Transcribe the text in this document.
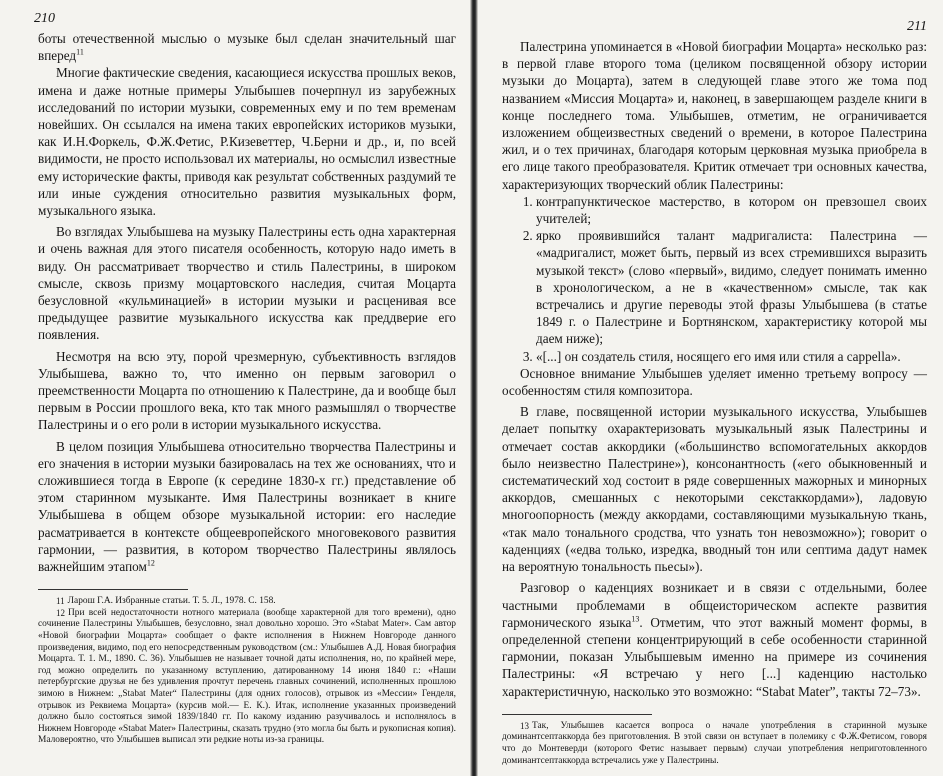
210

боты отечественной мыслью о музыке был сделан значительный шаг вперед$^{11}$

Многие фактические сведения, касающиеся искусства прошлых веков, имена и даже нотные примеры Улыбышев почерпнул из зарубежных исследований по истории музыки, современных ему и по тем временам новейших. Он ссылался на имена таких европейских историков музыки, как И.Н.Форкель, Ф.Ж.Фетис, Р.Кизеветтер, Ч.Берни и др., и, по всей видимости, не просто использовал их материалы, но осмыслил известные ему исторические факты, приводя как результат собственных раздумий те или иные суждения относительно развития музыкальных форм, музыкального языка.

Во взглядах Улыбышева на музыку Палестрины есть одна характерная и очень важная для этого писателя особенность, которую надо иметь в виду. Он рассматривает творчество и стиль Палестрины, в широком смысле, сквозь призму моцартовского наследия, считая Моцарта безусловной «кульминацией» в истории музыки и расценивая все предыдущее развитие музыкального искусства как преддверие его появления.

Несмотря на всю эту, порой чрезмерную, субъективность взглядов Улыбышева, важно то, что именно он первым заговорил о преемственности Моцарта по отношению к Палестрине, да и вообще был первым в России прошлого века, кто так много размышлял о творчестве Палестрины и о его роли в истории музыкального искусства.

В целом позиция Улыбышева относительно творчества Палестрины и его значения в истории музыки базировалась на тех же основаниях, что и сложившиеся тогда в Европе (к середине 1830-х гг.) представление об этом старинном музыканте. Имя Палестрины возникает в книге Улыбышева в общем обзоре музыкальной истории: его наследие расматривается в контексте общеевропейского многовекового развития гармонии, — развития, в котором творчество Палестрины являлось важнейшим этапом$^{12}$

11 Ларош Г.А. Избранные статьи. Т. 5. Л., 1978. С. 158.

12 При всей недостаточности нотного материала (вообще характерной для того времени), одно сочинение Палестрины Улыбышев, безусловно, знал довольно хорошо. Это «Stabat Mater». Сам автор «Новой биографии Моцарта» сообщает о факте исполнения в Нижнем Новгороде данного произведения, видимо, под его непосредственным руководством (см.: Улыбышев А.Д. Новая биография Моцарта. Т. 1. М., 1890. С. 36). Улыбышев не называет точной даты исполнения, но, по крайней мере, год можно определить по указанному вступлению, датированному 14 июня 1840 г.: «Наши петербургские друзья не без удивления прочтут перечень главных сочинений, исполненных прошлою зимою в Нижнем: „Stabat Mater“ Палестрины (для одних голосов), отрывок из «Мессии» Генделя, отрывок из Реквиема Моцарта» (курсив мой.— Е. К.). Итак, исполнение указанных произведений должно было состояться зимой 1839/1840 гг. По какому изданию разучивалось и исполнялось в Нижнем Новгороде «Stabat Mater» Палестрины, сказать трудно (это могла бы быть и рукописная копия). Маловероятно, что Улыбышев выписал эти редкие ноты из-за границы.

211

Палестрина упоминается в «Новой биографии Моцарта» несколько раз: в первой главе второго тома (целиком посвященной обзору истории музыки до Моцарта), затем в следующей главе этого же тома под названием «Миссия Моцарта» и, наконец, в завершающем разделе книги в конце последнего тома. Улыбышев, отметим, не ограничивается изложением общеизвестных сведений о времени, в которое Палестрина жил, и о тех причинах, благодаря которым церковная музыка приобрела в его лице такого преобразователя. Критик отмечает три основных качества, характеризующих творческий облик Палестрины:

1. контрапунктическое мастерство, в котором он превзошел своих учителей;
2. ярко проявившийся талант мадригалиста: Палестрина — «мадригалист, может быть, первый из всех стремившихся выразить музыкой текст» (слово «первый», видимо, следует понимать именно в хронологическом, а не в «качественном» смысле, так как встречались и другие переводы этой фразы Улыбышева (в статье 1849 г. о Палестрине и Бортнянском, характеристику которой мы даем ниже);
3. «[...] он создатель стиля, носящего его имя или стиля a cappella».

Основное внимание Улыбышев уделяет именно третьему вопросу — особенностям стиля композитора.

В главе, посвященной истории музыкального искусства, Улыбышев делает попытку охарактеризовать музыкальный язык Палестрины и отмечает состав аккордики («большинство вспомогательных аккордов было неизвестно Палестрине»), консонантность («его обыкновенный и систематический ход состоит в ряде совершенных мажорных и минорных аккордов, смешанных с некоторыми секстаккордами»), ладовую многоопорность (между аккордами, составляющими музыкальную ткань, «так мало тонального сродства, что узнать тон невозможно»); говорит о каденциях («едва только, изредка, вводный тон или септима дадут намек на вероятную тональность пьесы»).

Разговор о каденциях возникает и в связи с отдельными, более частными проблемами в общеисторическом аспекте развития гармонического языка$^{13}$. Отметим, что этот важный момент формы, в определенной степени концентрирующий в себе особенности старинной гармонии, показан Улыбышевым именно на примере из сочинения Палестрины: «Я встречаю у него [...] каденцию настолько характеристичную, насколько это возможно: “Stabat Mater”, такты 72–73».

13 Так, Улыбышев касается вопроса о начале употребления в старинной музыке доминантсептаккорда без приготовления. В этой связи он вступает в полемику с Ф.Ж.Фетисом, говоря что до Монтеверди (которого Фетис называет первым) случаи употребления неприготовленного доминантсептаккорда встречались уже у Палестрины.
